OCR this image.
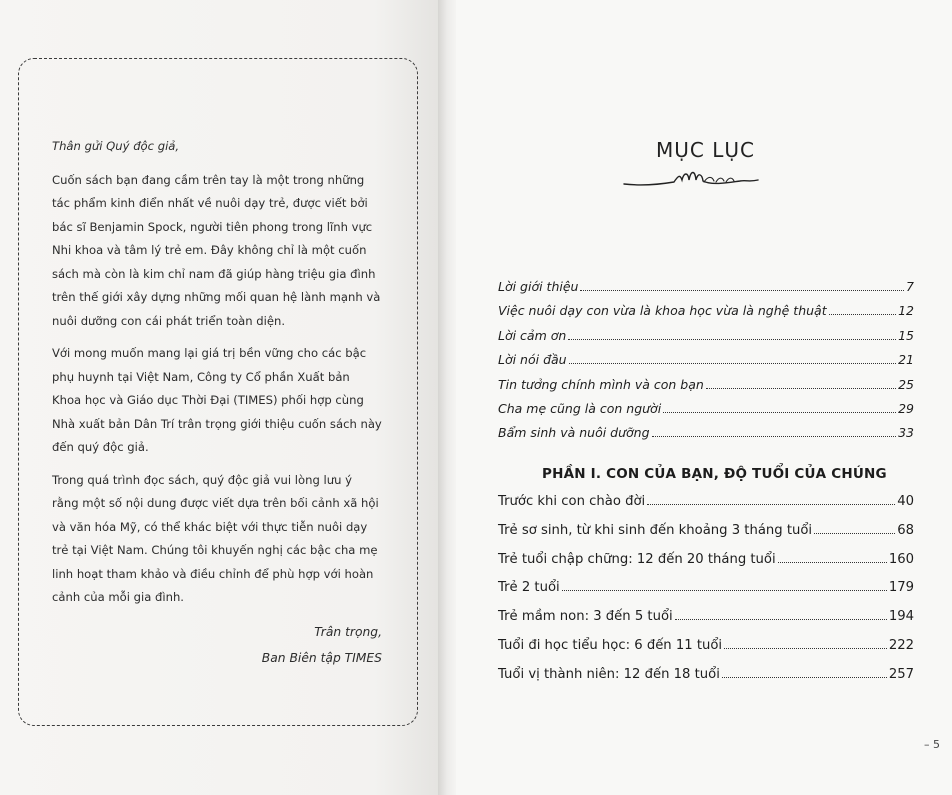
Thân gửi Quý độc giả,

Cuốn sách bạn đang cầm trên tay là một trong những tác phẩm kinh điển nhất về nuôi dạy trẻ, được viết bởi bác sĩ Benjamin Spock, người tiên phong trong lĩnh vực Nhi khoa và tâm lý trẻ em. Đây không chỉ là một cuốn sách mà còn là kim chỉ nam đã giúp hàng triệu gia đình trên thế giới xây dựng những mối quan hệ lành mạnh và nuôi dưỡng con cái phát triển toàn diện.

Với mong muốn mang lại giá trị bền vững cho các bậc phụ huynh tại Việt Nam, Công ty Cổ phần Xuất bản Khoa học và Giáo dục Thời Đại (TIMES) phối hợp cùng Nhà xuất bản Dân Trí trân trọng giới thiệu cuốn sách này đến quý độc giả.

Trong quá trình đọc sách, quý độc giả vui lòng lưu ý rằng một số nội dung được viết dựa trên bối cảnh xã hội và văn hóa Mỹ, có thể khác biệt với thực tiễn nuôi dạy trẻ tại Việt Nam. Chúng tôi khuyến nghị các bậc cha mẹ linh hoạt tham khảo và điều chỉnh để phù hợp với hoàn cảnh của mỗi gia đình.

Trân trọng,
Ban Biên tập TIMES
MỤC LỤC
Lời giới thiệu	7
Việc nuôi dạy con vừa là khoa học vừa là nghệ thuật	12
Lời cảm ơn	15
Lời nói đầu	21
Tin tưởng chính mình và con bạn	25
Cha mẹ cũng là con người	29
Bẩm sinh và nuôi dưỡng	33
PHẦN I. CON CỦA BẠN, ĐỘ TUỔI CỦA CHÚNG
Trước khi con chào đời	40
Trẻ sơ sinh, từ khi sinh đến khoảng 3 tháng tuổi	68
Trẻ tuổi chập chững: 12 đến 20 tháng tuổi	160
Trẻ 2 tuổi	179
Trẻ mầm non: 3 đến 5 tuổi	194
Tuổi đi học tiểu học: 6 đến 11 tuổi	222
Tuổi vị thành niên: 12 đến 18 tuổi	257
– 5
